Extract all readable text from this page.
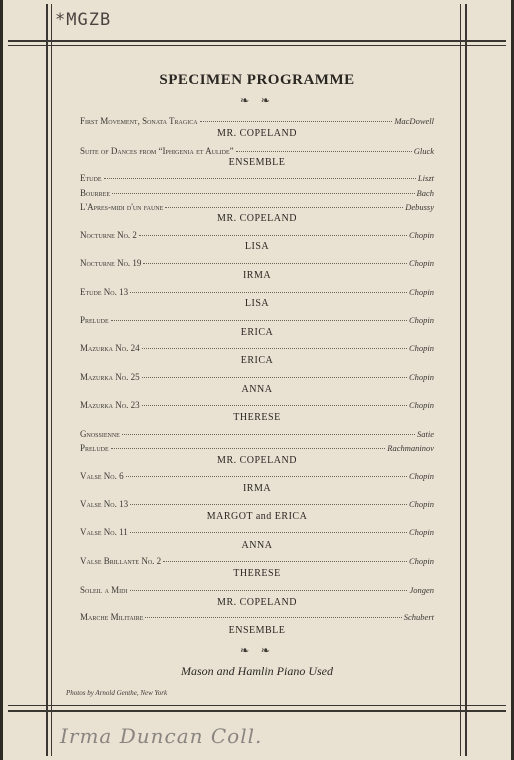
*MGZB
SPECIMEN PROGRAMME
❧ ❧
First Movement, Sonata Tragica	MacDowell
MR. COPELAND
Suite of Dances from “Iphigenia et Aulide”	Gluck
ENSEMBLE
Etude	Liszt
Bourree	Bach
L'Apres-midi d'un faune	Debussy
MR. COPELAND
Nocturne No. 2	Chopin
LISA
Nocturne No. 19	Chopin
IRMA
Etude No. 13	Chopin
LISA
Prelude	Chopin
ERICA
Mazurka No. 24	Chopin
ERICA
Mazurka No. 25	Chopin
ANNA
Mazurka No. 23	Chopin
THERESE
Gnossienne	Satie
Prelude	Rachmaninov
MR. COPELAND
Valse No. 6	Chopin
IRMA
Valse No. 13	Chopin
MARGOT and ERICA
Valse No. 11	Chopin
ANNA
Valse Brillante No. 2	Chopin
THERESE
Soleil a Midi	Jongen
MR. COPELAND
Marche Militaire	Schubert
ENSEMBLE
❧ ❧
Mason and Hamlin Piano Used
Photos by Arnold Genthe, New York
Irma Duncan Coll.
